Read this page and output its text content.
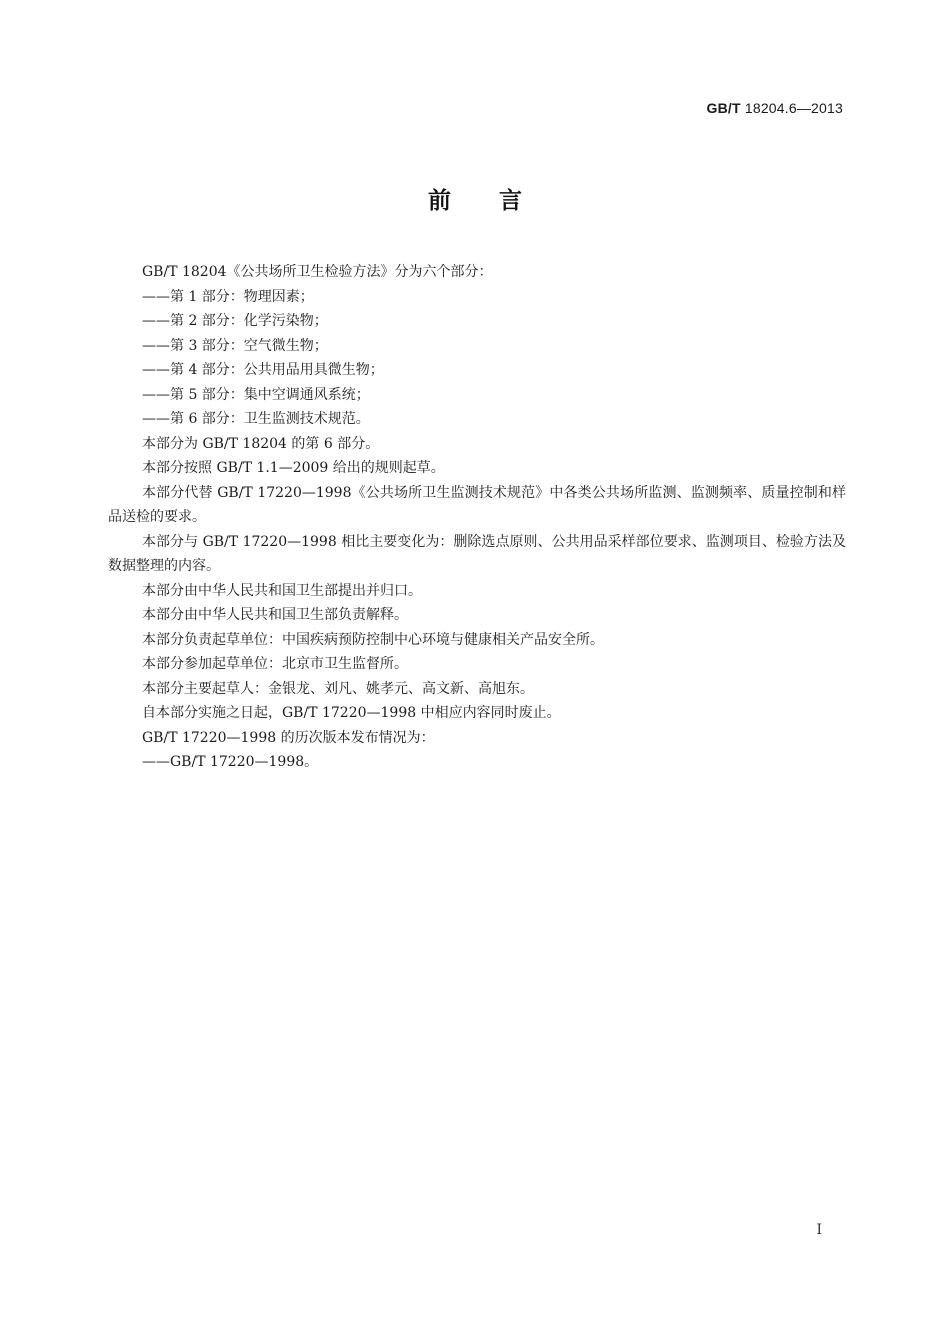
GB/T 18204.6—2013
前言

GB/T 18204《公共场所卫生检验方法》分为六个部分：

——第 1 部分：物理因素；

——第 2 部分：化学污染物；

——第 3 部分：空气微生物；

——第 4 部分：公共用品用具微生物；

——第 5 部分：集中空调通风系统；

——第 6 部分：卫生监测技术规范。

本部分为 GB/T 18204 的第 6 部分。

本部分按照 GB/T 1.1—2009 给出的规则起草。

本部分代替 GB/T 17220—1998《公共场所卫生监测技术规范》中各类公共场所监测、监测频率、质量控制和样品送检的要求。

本部分与 GB/T 17220—1998 相比主要变化为：删除选点原则、公共用品采样部位要求、监测项目、检验方法及数据整理的内容。

本部分由中华人民共和国卫生部提出并归口。

本部分由中华人民共和国卫生部负责解释。

本部分负责起草单位：中国疾病预防控制中心环境与健康相关产品安全所。

本部分参加起草单位：北京市卫生监督所。

本部分主要起草人：金银龙、刘凡、姚孝元、高文新、高旭东。

自本部分实施之日起，GB/T 17220—1998 中相应内容同时废止。

GB/T 17220—1998 的历次版本发布情况为：

——GB/T 17220—1998。

I
